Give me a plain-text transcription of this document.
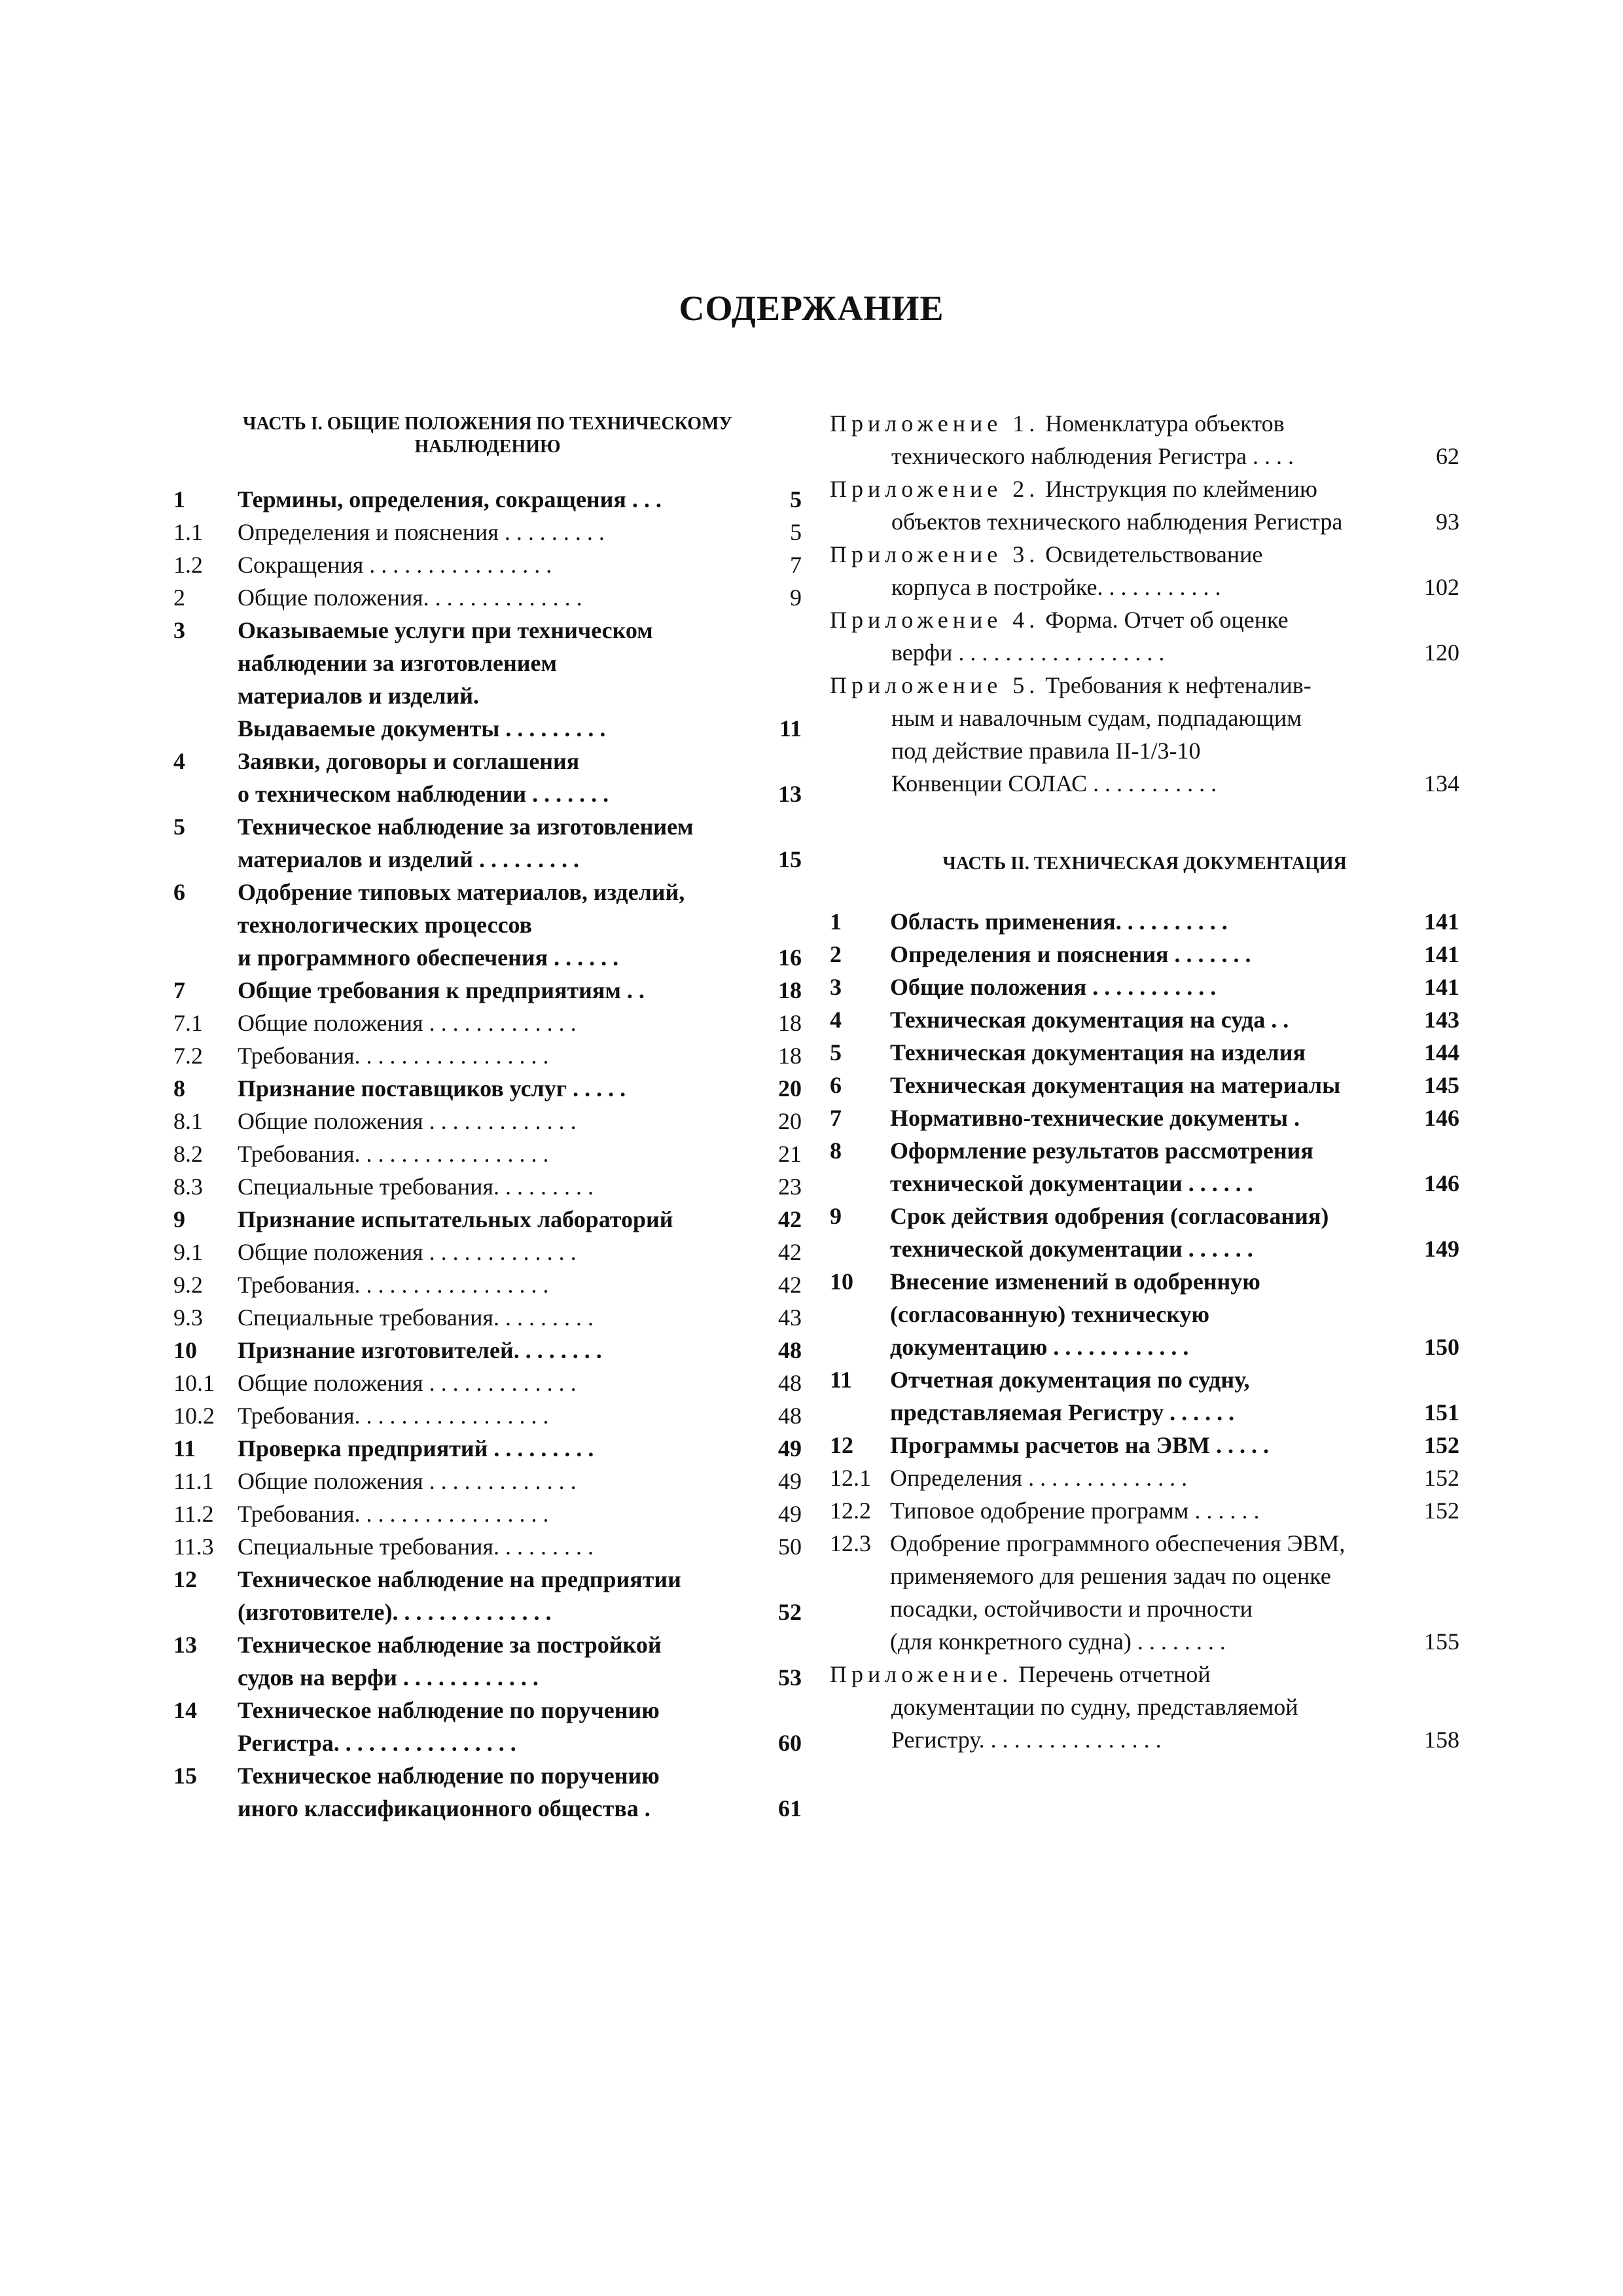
СОДЕРЖАНИЕ
ЧАСТЬ I. ОБЩИЕ ПОЛОЖЕНИЯ ПО ТЕХНИЧЕСКОМУ
НАБЛЮДЕНИЮ
1 Термины, определения, сокращения . . .	5
1.1 Определения и пояснения . . . . . . . . .	5
1.2 Сокращения . . . . . . . . . . . . . . . .	7
2 Общие положения. . . . . . . . . . . . . .	9
3 Оказываемые услуги при техническом
наблюдении за изготовлением
материалов и изделий.
Выдаваемые документы . . . . . . . . .	11
4 Заявки, договоры и соглашения
о техническом наблюдении . . . . . . .	13
5 Техническое наблюдение за изготовлением
материалов и изделий . . . . . . . . .	15
6 Одобрение типовых материалов, изделий,
технологических процессов
и программного обеспечения . . . . . .	16
7 Общие требования к предприятиям . .	18
7.1 Общие положения . . . . . . . . . . . . .	18
7.2 Требования. . . . . . . . . . . . . . . . .	18
8 Признание поставщиков услуг . . . . .	20
8.1 Общие положения . . . . . . . . . . . . .	20
8.2 Требования. . . . . . . . . . . . . . . . .	21
8.3 Специальные требования. . . . . . . . .	23
9 Признание испытательных лабораторий	42
9.1 Общие положения . . . . . . . . . . . . .	42
9.2 Требования. . . . . . . . . . . . . . . . .	42
9.3 Специальные требования. . . . . . . . .	43
10 Признание изготовителей. . . . . . . .	48
10.1 Общие положения . . . . . . . . . . . . .	48
10.2 Требования. . . . . . . . . . . . . . . . .	48
11 Проверка предприятий . . . . . . . . .	49
11.1 Общие положения . . . . . . . . . . . . .	49
11.2 Требования. . . . . . . . . . . . . . . . .	49
11.3 Специальные требования. . . . . . . . .	50
12 Техническое наблюдение на предприятии
(изготовителе). . . . . . . . . . . . . .	52
13 Техническое наблюдение за постройкой
судов на верфи . . . . . . . . . . . .	53
14 Техническое наблюдение по поручению
Регистра. . . . . . . . . . . . . . . .	60
15 Техническое наблюдение по поручению
иного классификационного общества .	61
Приложение 1. Номенклатура объектов
технического наблюдения Регистра . . . .	62
Приложение 2. Инструкция по клеймению
объектов технического наблюдения Регистра	93
Приложение 3. Освидетельствование
корпуса в постройке. . . . . . . . . . .	102
Приложение 4. Форма. Отчет об оценке
верфи . . . . . . . . . . . . . . . . . .	120
Приложение 5. Требования к нефтеналив-
ным и навалочным судам, подпадающим
под действие правила II-1/3-10
Конвенции СОЛАС . . . . . . . . . . .	134
ЧАСТЬ II. ТЕХНИЧЕСКАЯ ДОКУМЕНТАЦИЯ
1 Область применения. . . . . . . . . .	141
2 Определения и пояснения . . . . . . .	141
3 Общие положения . . . . . . . . . . .	141
4 Техническая документация на суда . .	143
5 Техническая документация на изделия	144
6 Техническая документация на материалы	145
7 Нормативно-технические документы .	146
8 Оформление результатов рассмотрения
технической документации . . . . . .	146
9 Срок действия одобрения (согласования)
технической документации . . . . . .	149
10 Внесение изменений в одобренную
(согласованную) техническую
документацию . . . . . . . . . . . .	150
11 Отчетная документация по судну,
представляемая Регистру . . . . . .	151
12 Программы расчетов на ЭВМ . . . . .	152
12.1 Определения . . . . . . . . . . . . . .	152
12.2 Типовое одобрение программ . . . . . .	152
12.3 Одобрение программного обеспечения ЭВМ,
применяемого для решения задач по оценке
посадки, остойчивости и прочности
(для конкретного судна) . . . . . . . .	155
Приложение. Перечень отчетной
документации по судну, представляемой
Регистру. . . . . . . . . . . . . . . .	158
